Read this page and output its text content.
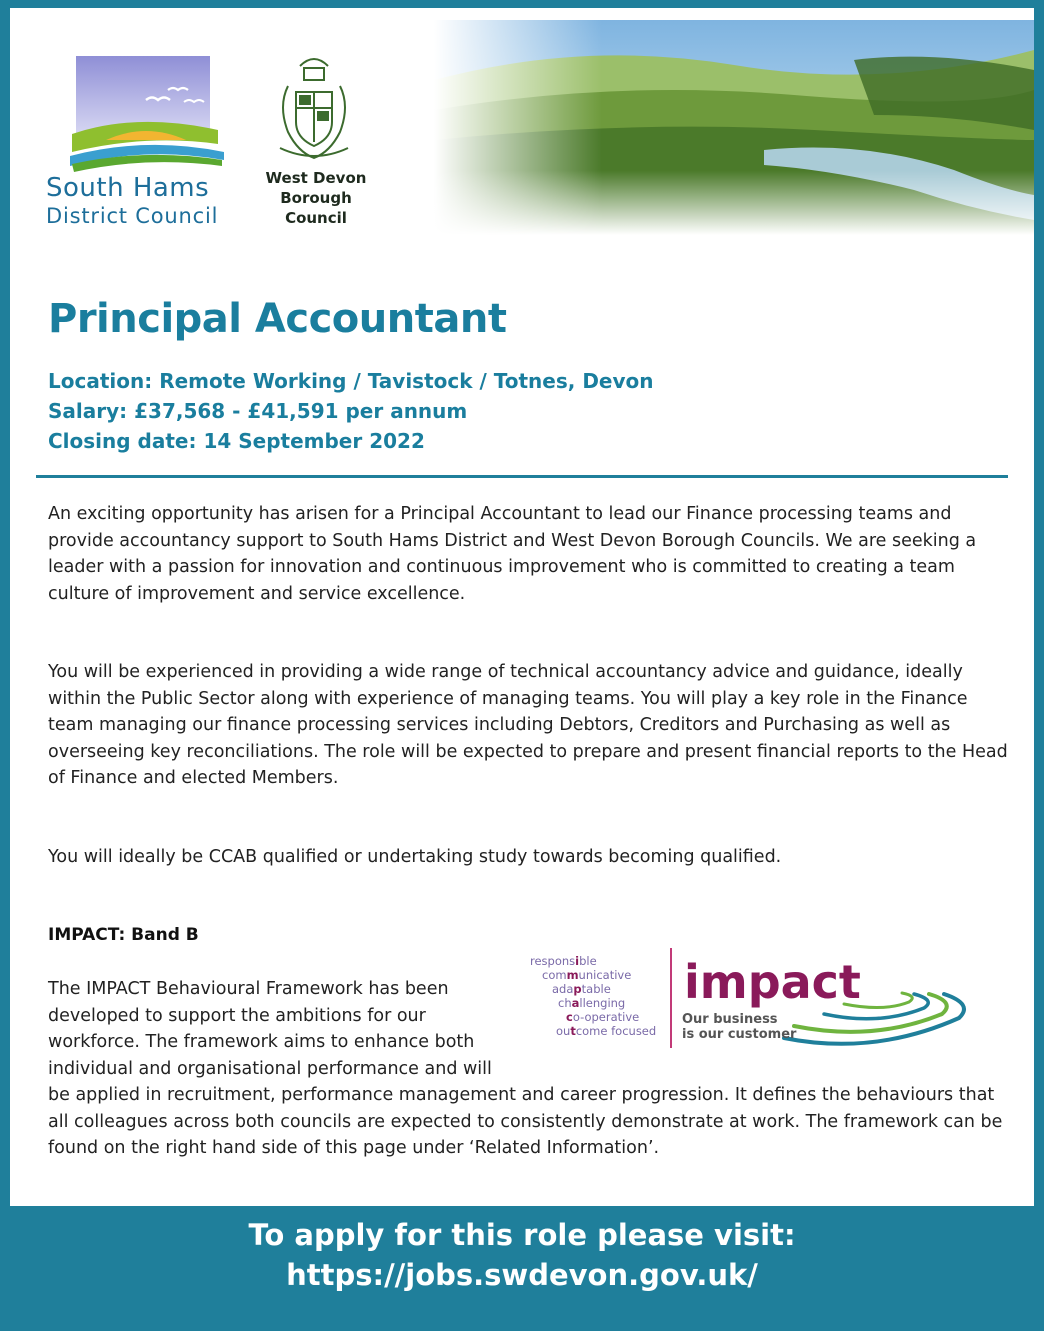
South Hams
District Council
West Devon
Borough
Council
Principal Accountant
Location: Remote Working / Tavistock / Totnes, Devon
Salary: £37,568 - £41,591 per annum
Closing date: 14 September 2022

An exciting opportunity has arisen for a Principal Accountant to lead our Finance processing teams and provide accountancy support to South Hams District and West Devon Borough Councils. We are seeking a leader with a passion for innovation and continuous improvement who is committed to creating a team culture of improvement and service excellence.

You will be experienced in providing a wide range of technical accountancy advice and guidance, ideally within the Public Sector along with experience of managing teams. You will play a key role in the Finance team managing our finance processing services including Debtors, Creditors and Purchasing as well as overseeing key reconciliations. The role will be expected to prepare and present financial reports to the Head of Finance and elected Members.

You will ideally be CCAB qualified or undertaking study towards becoming qualified.

IMPACT: Band B

The IMPACT Behavioural Framework has been developed to support the ambitions for our workforce. The framework aims to enhance both individual and organisational performance and will be applied in recruitment, performance management and career progression. It defines the behaviours that all colleagues across both councils are expected to consistently demonstrate at work. The framework can be found on the right hand side of this page under ‘Related Information’.

responsible
communicative
adaptable
challenging
co-operative
outcome focused
impact
Our business
is our customer
To apply for this role please visit:
https://jobs.swdevon.gov.uk/
